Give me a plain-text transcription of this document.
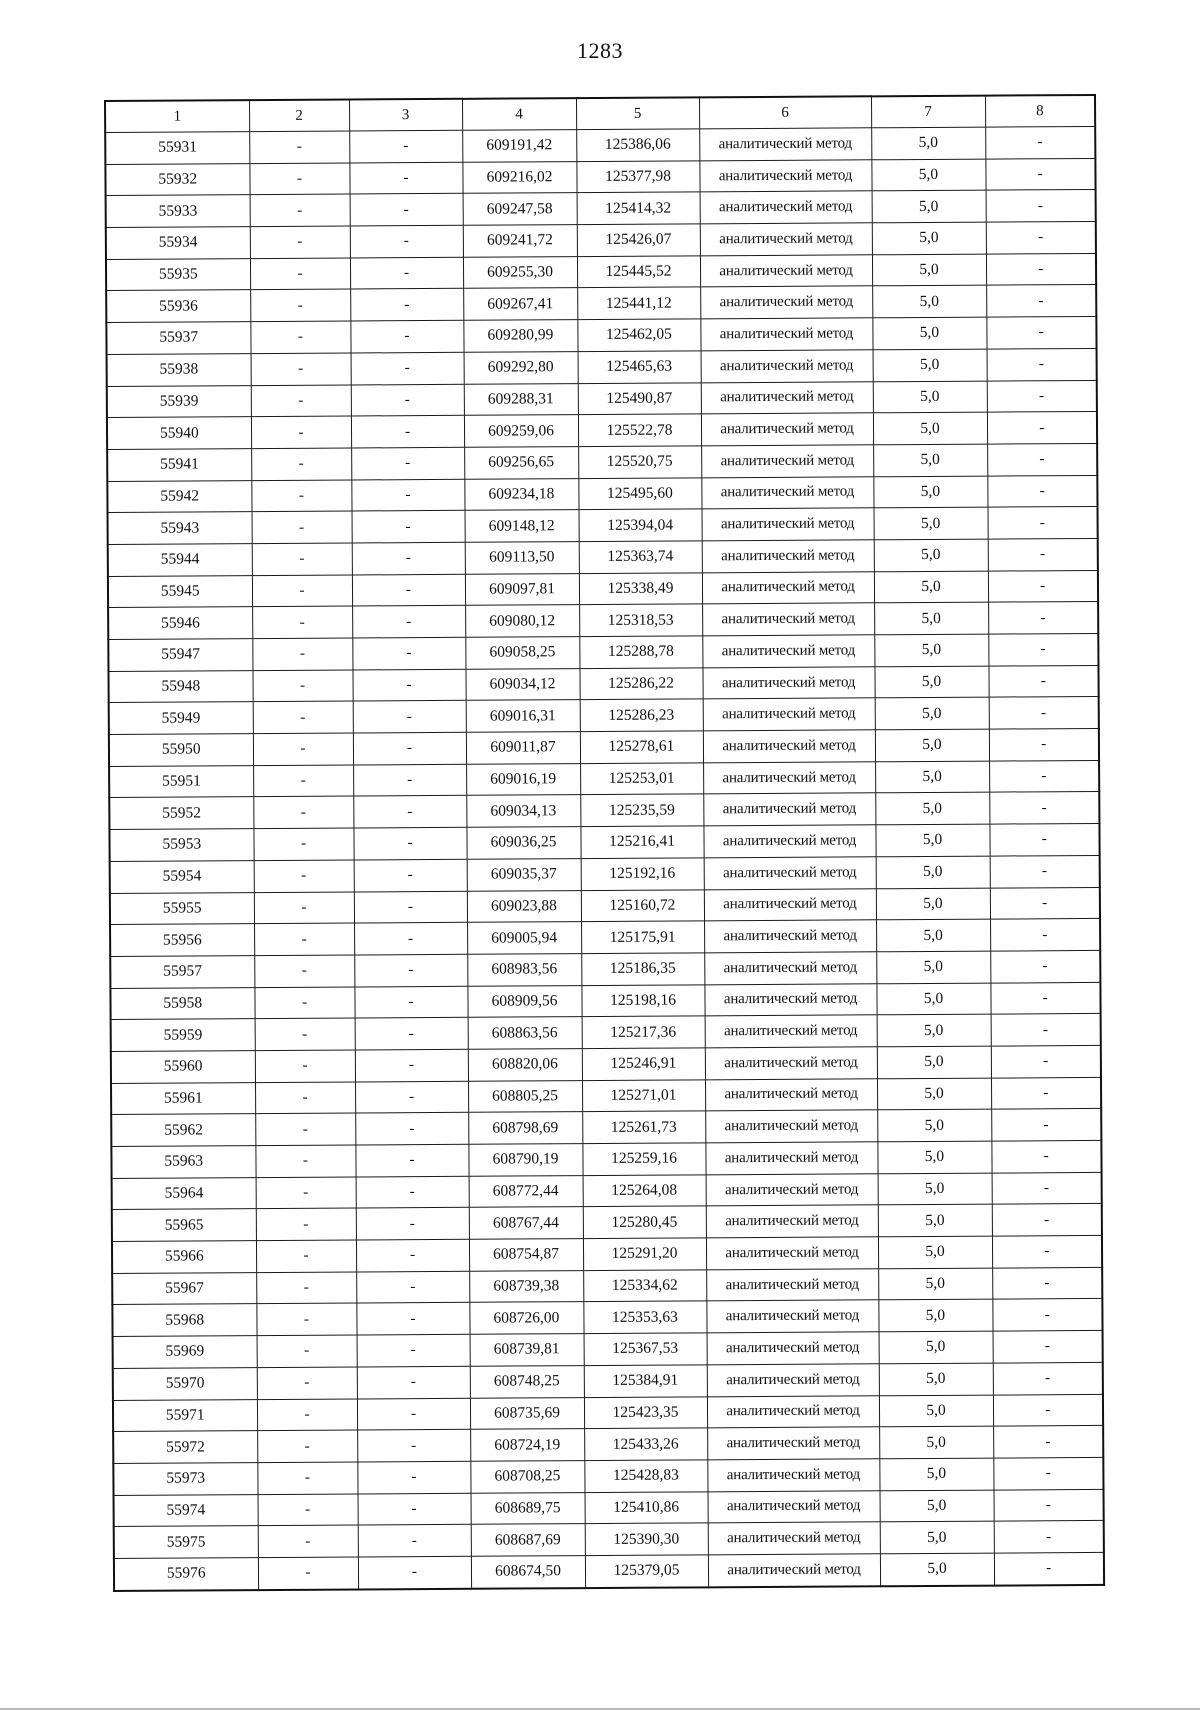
1283
1	2	3	4	5	6	7	8
55931	-	-	609191,42	125386,06	аналитический метод	5,0	-
55932	-	-	609216,02	125377,98	аналитический метод	5,0	-
55933	-	-	609247,58	125414,32	аналитический метод	5,0	-
55934	-	-	609241,72	125426,07	аналитический метод	5,0	-
55935	-	-	609255,30	125445,52	аналитический метод	5,0	-
55936	-	-	609267,41	125441,12	аналитический метод	5,0	-
55937	-	-	609280,99	125462,05	аналитический метод	5,0	-
55938	-	-	609292,80	125465,63	аналитический метод	5,0	-
55939	-	-	609288,31	125490,87	аналитический метод	5,0	-
55940	-	-	609259,06	125522,78	аналитический метод	5,0	-
55941	-	-	609256,65	125520,75	аналитический метод	5,0	-
55942	-	-	609234,18	125495,60	аналитический метод	5,0	-
55943	-	-	609148,12	125394,04	аналитический метод	5,0	-
55944	-	-	609113,50	125363,74	аналитический метод	5,0	-
55945	-	-	609097,81	125338,49	аналитический метод	5,0	-
55946	-	-	609080,12	125318,53	аналитический метод	5,0	-
55947	-	-	609058,25	125288,78	аналитический метод	5,0	-
55948	-	-	609034,12	125286,22	аналитический метод	5,0	-
55949	-	-	609016,31	125286,23	аналитический метод	5,0	-
55950	-	-	609011,87	125278,61	аналитический метод	5,0	-
55951	-	-	609016,19	125253,01	аналитический метод	5,0	-
55952	-	-	609034,13	125235,59	аналитический метод	5,0	-
55953	-	-	609036,25	125216,41	аналитический метод	5,0	-
55954	-	-	609035,37	125192,16	аналитический метод	5,0	-
55955	-	-	609023,88	125160,72	аналитический метод	5,0	-
55956	-	-	609005,94	125175,91	аналитический метод	5,0	-
55957	-	-	608983,56	125186,35	аналитический метод	5,0	-
55958	-	-	608909,56	125198,16	аналитический метод	5,0	-
55959	-	-	608863,56	125217,36	аналитический метод	5,0	-
55960	-	-	608820,06	125246,91	аналитический метод	5,0	-
55961	-	-	608805,25	125271,01	аналитический метод	5,0	-
55962	-	-	608798,69	125261,73	аналитический метод	5,0	-
55963	-	-	608790,19	125259,16	аналитический метод	5,0	-
55964	-	-	608772,44	125264,08	аналитический метод	5,0	-
55965	-	-	608767,44	125280,45	аналитический метод	5,0	-
55966	-	-	608754,87	125291,20	аналитический метод	5,0	-
55967	-	-	608739,38	125334,62	аналитический метод	5,0	-
55968	-	-	608726,00	125353,63	аналитический метод	5,0	-
55969	-	-	608739,81	125367,53	аналитический метод	5,0	-
55970	-	-	608748,25	125384,91	аналитический метод	5,0	-
55971	-	-	608735,69	125423,35	аналитический метод	5,0	-
55972	-	-	608724,19	125433,26	аналитический метод	5,0	-
55973	-	-	608708,25	125428,83	аналитический метод	5,0	-
55974	-	-	608689,75	125410,86	аналитический метод	5,0	-
55975	-	-	608687,69	125390,30	аналитический метод	5,0	-
55976	-	-	608674,50	125379,05	аналитический метод	5,0	-
